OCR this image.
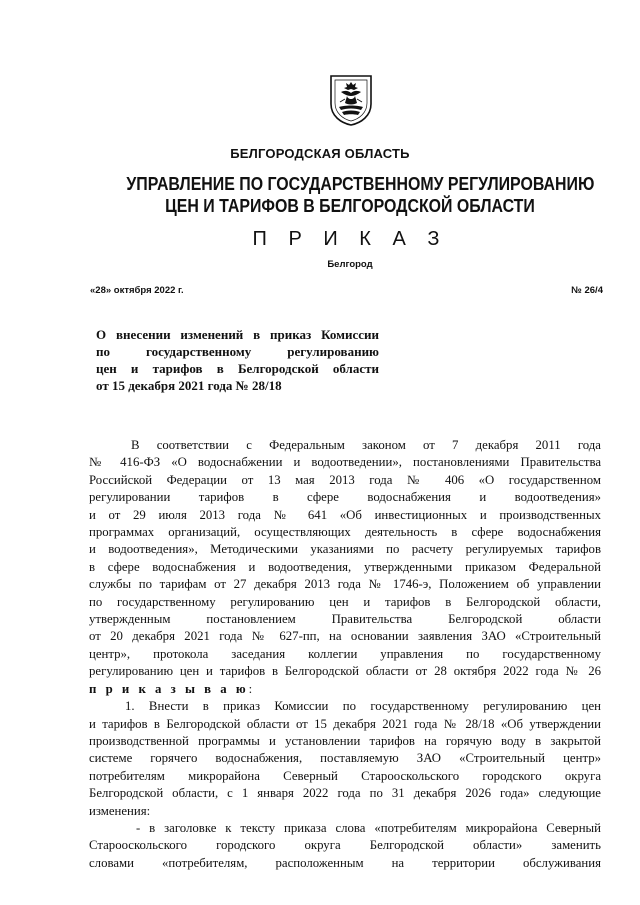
БЕЛГОРОДСКАЯ ОБЛАСТЬ
УПРАВЛЕНИЕ ПО ГОСУДАРСТВЕННОМУ РЕГУЛИРОВАНИЮ
ЦЕН И ТАРИФОВ В БЕЛГОРОДСКОЙ ОБЛАСТИ
П Р И К А З
Белгород
«28» октября 2022 г.	№ 26/4
О внесении изменений в приказ Комиссии
по государственному регулированию
цен и тарифов в Белгородской области
от 15 декабря 2021 года № 28/18
В соответствии с Федеральным законом от 7 декабря 2011 года
№ 416-ФЗ «О водоснабжении и водоотведении», постановлениями Правительства
Российской Федерации от 13 мая 2013 года № 406 «О государственном
регулировании тарифов в сфере водоснабжения и водоотведения»
и от 29 июля 2013 года № 641 «Об инвестиционных и производственных
программах организаций, осуществляющих деятельность в сфере водоснабжения
и водоотведения», Методическими указаниями по расчету регулируемых тарифов
в сфере водоснабжения и водоотведения, утвержденными приказом Федеральной
службы по тарифам от 27 декабря 2013 года № 1746-э, Положением об управлении
по государственному регулированию цен и тарифов в Белгородской области,
утвержденным постановлением Правительства Белгородской области
от 20 декабря 2021 года № 627-пп, на основании заявления ЗАО «Строительный
центр», протокола заседания коллегии управления по государственному
регулированию цен и тарифов в Белгородской области от 28 октября 2022 года № 26
п р и к а з ы в а ю:
1. Внести в приказ Комиссии по государственному регулированию цен
и тарифов в Белгородской области от 15 декабря 2021 года № 28/18 «Об утверждении
производственной программы и установлении тарифов на горячую воду в закрытой
системе горячего водоснабжения, поставляемую ЗАО «Строительный центр»
потребителям микрорайона Северный Старооскольского городского округа
Белгородской области, с 1 января 2022 года по 31 декабря 2026 года» следующие
изменения:
- в заголовке к тексту приказа слова «потребителям микрорайона Северный
Старооскольского городского округа Белгородской области» заменить
словами «потребителям, расположенным на территории обслуживания
